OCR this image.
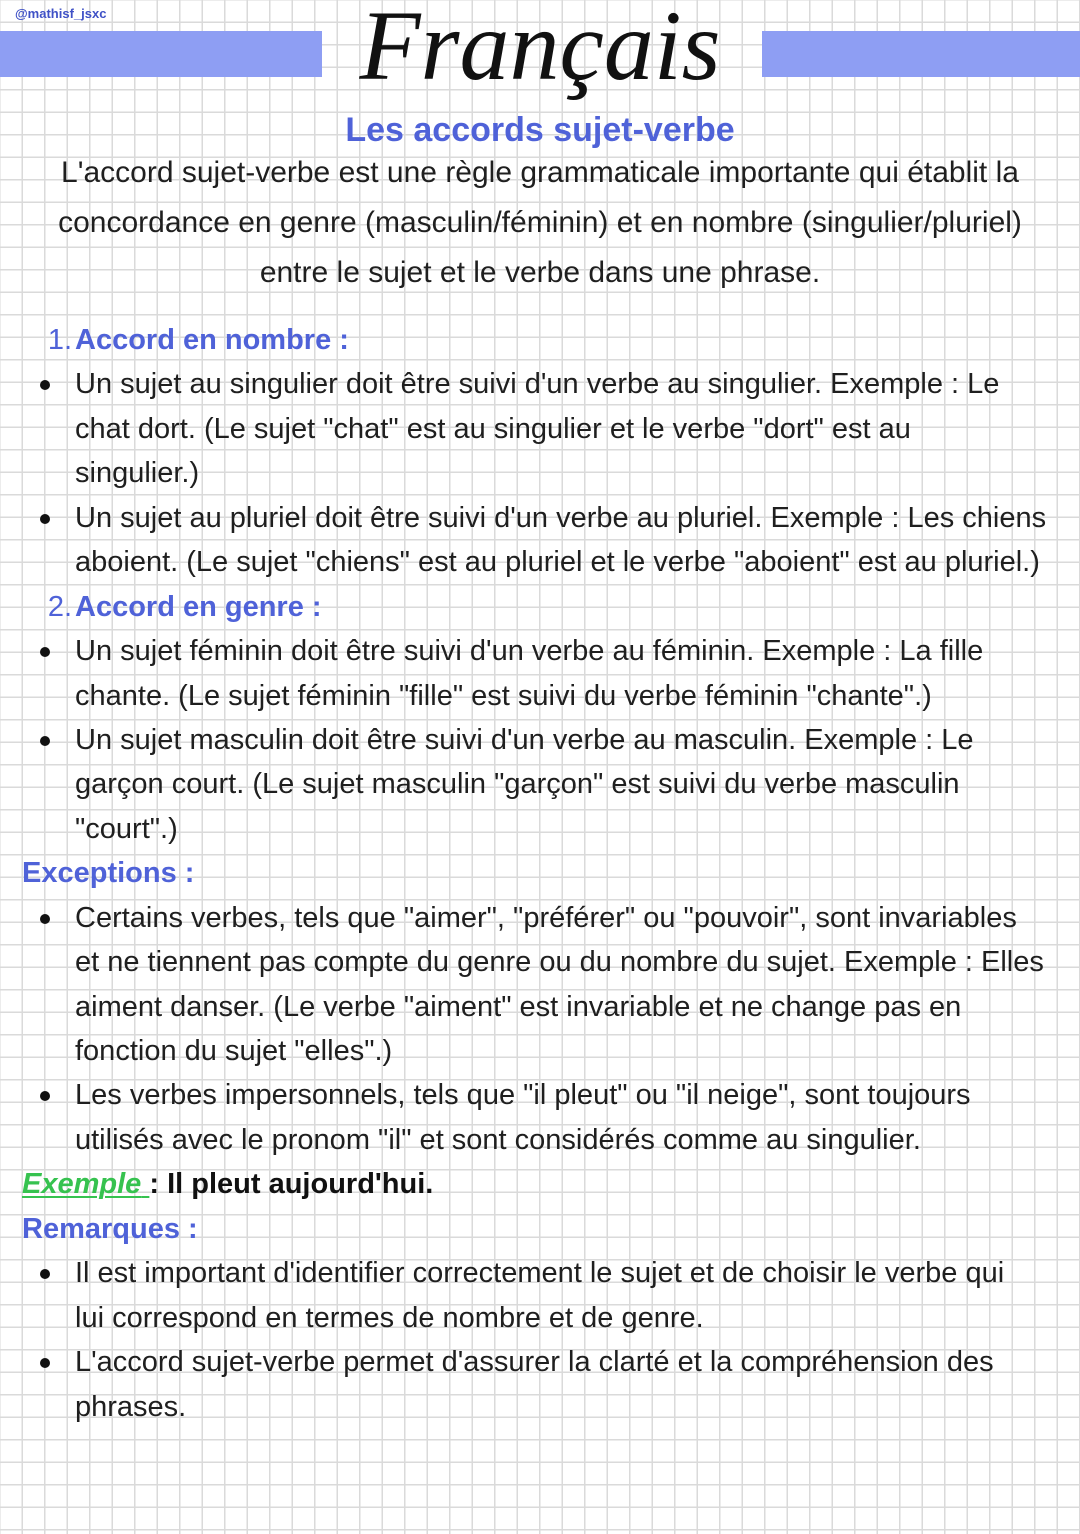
@mathisf_jsxc	Français
Les accords sujet-verbe
L'accord sujet-verbe est une règle grammaticale importante qui établit la
concordance en genre (masculin/féminin) et en nombre (singulier/pluriel)
entre le sujet et le verbe dans une phrase.
1. Accord en nombre :
Un sujet au singulier doit être suivi d'un verbe au singulier. Exemple : Le
chat dort. (Le sujet "chat" est au singulier et le verbe "dort" est au
singulier.)
Un sujet au pluriel doit être suivi d'un verbe au pluriel. Exemple : Les chiens
aboient. (Le sujet "chiens" est au pluriel et le verbe "aboient" est au pluriel.)
2. Accord en genre :
Un sujet féminin doit être suivi d'un verbe au féminin. Exemple : La fille
chante. (Le sujet féminin "fille" est suivi du verbe féminin "chante".)
Un sujet masculin doit être suivi d'un verbe au masculin. Exemple : Le
garçon court. (Le sujet masculin "garçon" est suivi du verbe masculin
"court".)
Exceptions :
Certains verbes, tels que "aimer", "préférer" ou "pouvoir", sont invariables
et ne tiennent pas compte du genre ou du nombre du sujet. Exemple : Elles
aiment danser. (Le verbe "aiment" est invariable et ne change pas en
fonction du sujet "elles".)
Les verbes impersonnels, tels que "il pleut" ou "il neige", sont toujours
utilisés avec le pronom "il" et sont considérés comme au singulier.
Exemple : Il pleut aujourd'hui.
Remarques :
Il est important d'identifier correctement le sujet et de choisir le verbe qui
lui correspond en termes de nombre et de genre.
L'accord sujet-verbe permet d'assurer la clarté et la compréhension des
phrases.
